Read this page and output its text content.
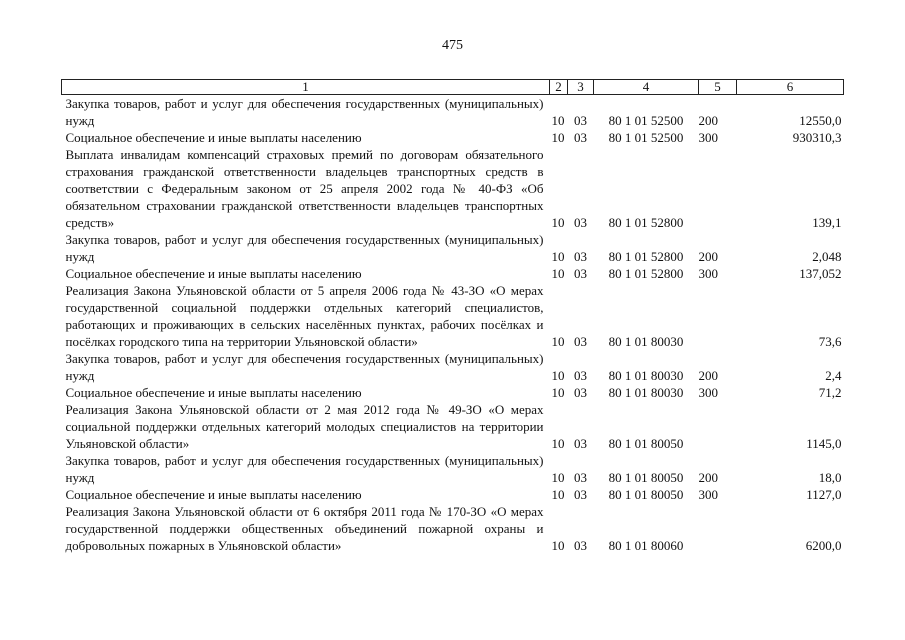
475
1	2	3	4	5	6
Закупка товаров, работ и услуг для обеспечения государственных (муниципальных) нужд	10	03	80 1 01 52500	200	12550,0
Социальное обеспечение и иные выплаты населению	10	03	80 1 01 52500	300	930310,3
Выплата инвалидам компенсаций страховых премий по договорам обязательного страхования гражданской ответственности владельцев транспортных средств в соответствии с Федеральным законом от 25 апреля 2002 года № 40-ФЗ «Об обязательном страховании гражданской ответственности владельцев транспортных средств»	10	03	80 1 01 52800		139,1
Закупка товаров, работ и услуг для обеспечения государственных (муниципальных) нужд	10	03	80 1 01 52800	200	2,048
Социальное обеспечение и иные выплаты населению	10	03	80 1 01 52800	300	137,052
Реализация Закона Ульяновской области от 5 апреля 2006 года № 43-ЗО «О мерах государственной социальной поддержки отдельных категорий специалистов, работающих и проживающих в сельских населённых пунктах, рабочих посёлках и посёлках городского типа на территории Ульяновской области»	10	03	80 1 01 80030		73,6
Закупка товаров, работ и услуг для обеспечения государственных (муниципальных) нужд	10	03	80 1 01 80030	200	2,4
Социальное обеспечение и иные выплаты населению	10	03	80 1 01 80030	300	71,2
Реализация Закона Ульяновской области от 2 мая 2012 года № 49-ЗО «О мерах социальной поддержки отдельных категорий молодых специалистов на территории Ульяновской области»	10	03	80 1 01 80050		1145,0
Закупка товаров, работ и услуг для обеспечения государственных (муниципальных) нужд	10	03	80 1 01 80050	200	18,0
Социальное обеспечение и иные выплаты населению	10	03	80 1 01 80050	300	1127,0
Реализация Закона Ульяновской области от 6 октября 2011 года № 170-ЗО «О мерах государственной поддержки общественных объединений пожарной охраны и добровольных пожарных в Ульяновской области»	10	03	80 1 01 80060		6200,0
